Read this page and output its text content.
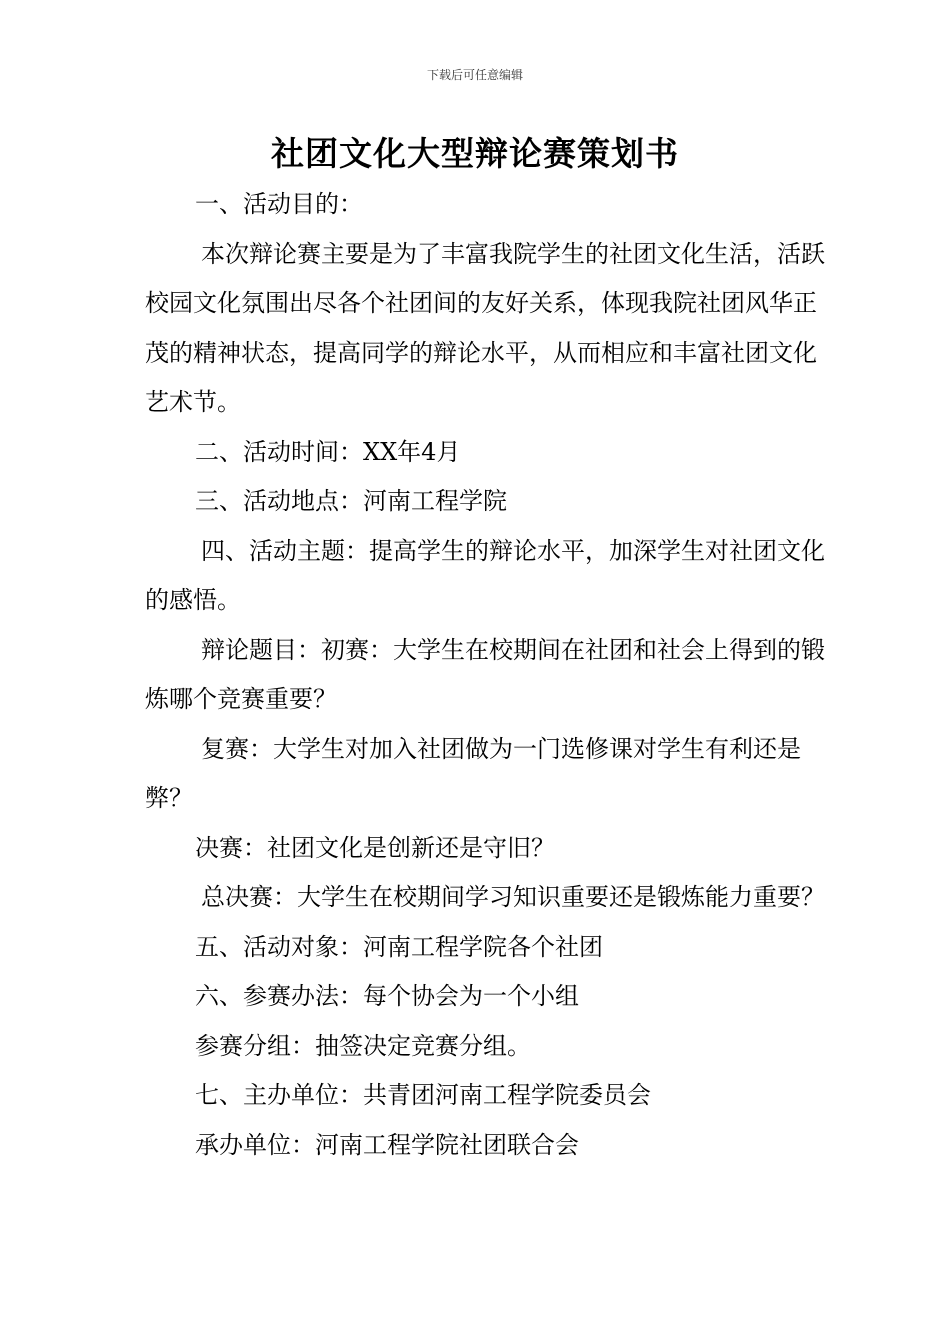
下载后可任意编辑
社团文化大型辩论赛策划书

一、活动目的：

本次辩论赛主要是为了丰富我院学生的社团文化生活，活跃校园文化氛围出尽各个社团间的友好关系，体现我院社团风华正茂的精神状态，提高同学的辩论水平，从而相应和丰富社团文化艺术节。

二、活动时间：XX年4月

三、活动地点：河南工程学院

四、活动主题：提高学生的辩论水平，加深学生对社团文化的感悟。

辩论题目：初赛：大学生在校期间在社团和社会上得到的锻炼哪个竞赛重要？

复赛：大学生对加入社团做为一门选修课对学生有利还是弊？

决赛：社团文化是创新还是守旧？

总决赛：大学生在校期间学习知识重要还是锻炼能力重要？

五、活动对象：河南工程学院各个社团

六、参赛办法：每个协会为一个小组

参赛分组：抽签决定竞赛分组。

七、主办单位：共青团河南工程学院委员会

承办单位：河南工程学院社团联合会
